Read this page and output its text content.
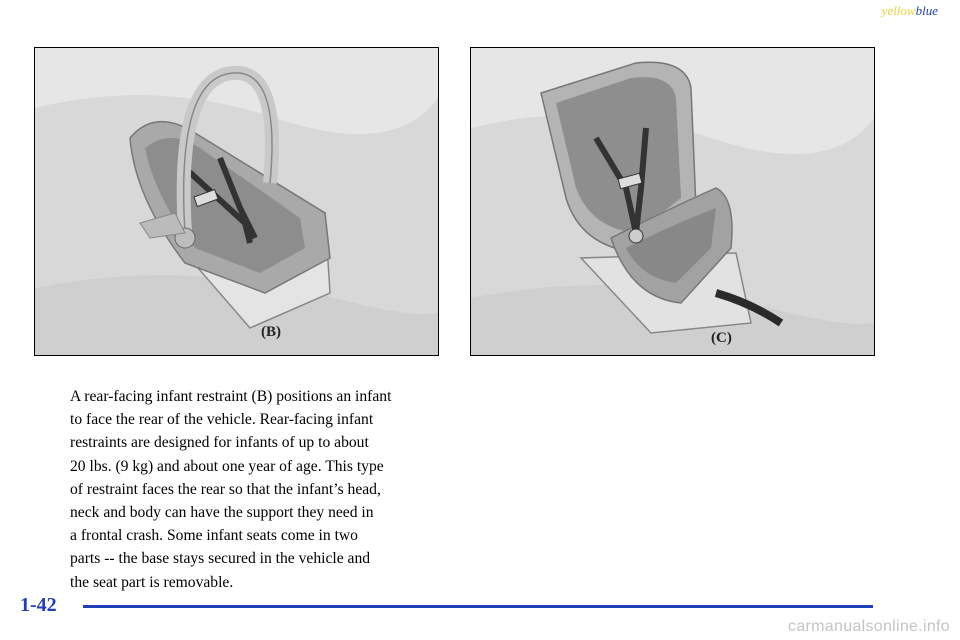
yellowblue
(B)	(C)
A rear-facing infant restraint (B) positions an infant
to face the rear of the vehicle. Rear-facing infant
restraints are designed for infants of up to about
20 lbs. (9 kg) and about one year of age. This type
of restraint faces the rear so that the infant’s head,
neck and body can have the support they need in
a frontal crash. Some infant seats come in two
parts -- the base stays secured in the vehicle and
the seat part is removable.
1-42
carmanualsonline.info
